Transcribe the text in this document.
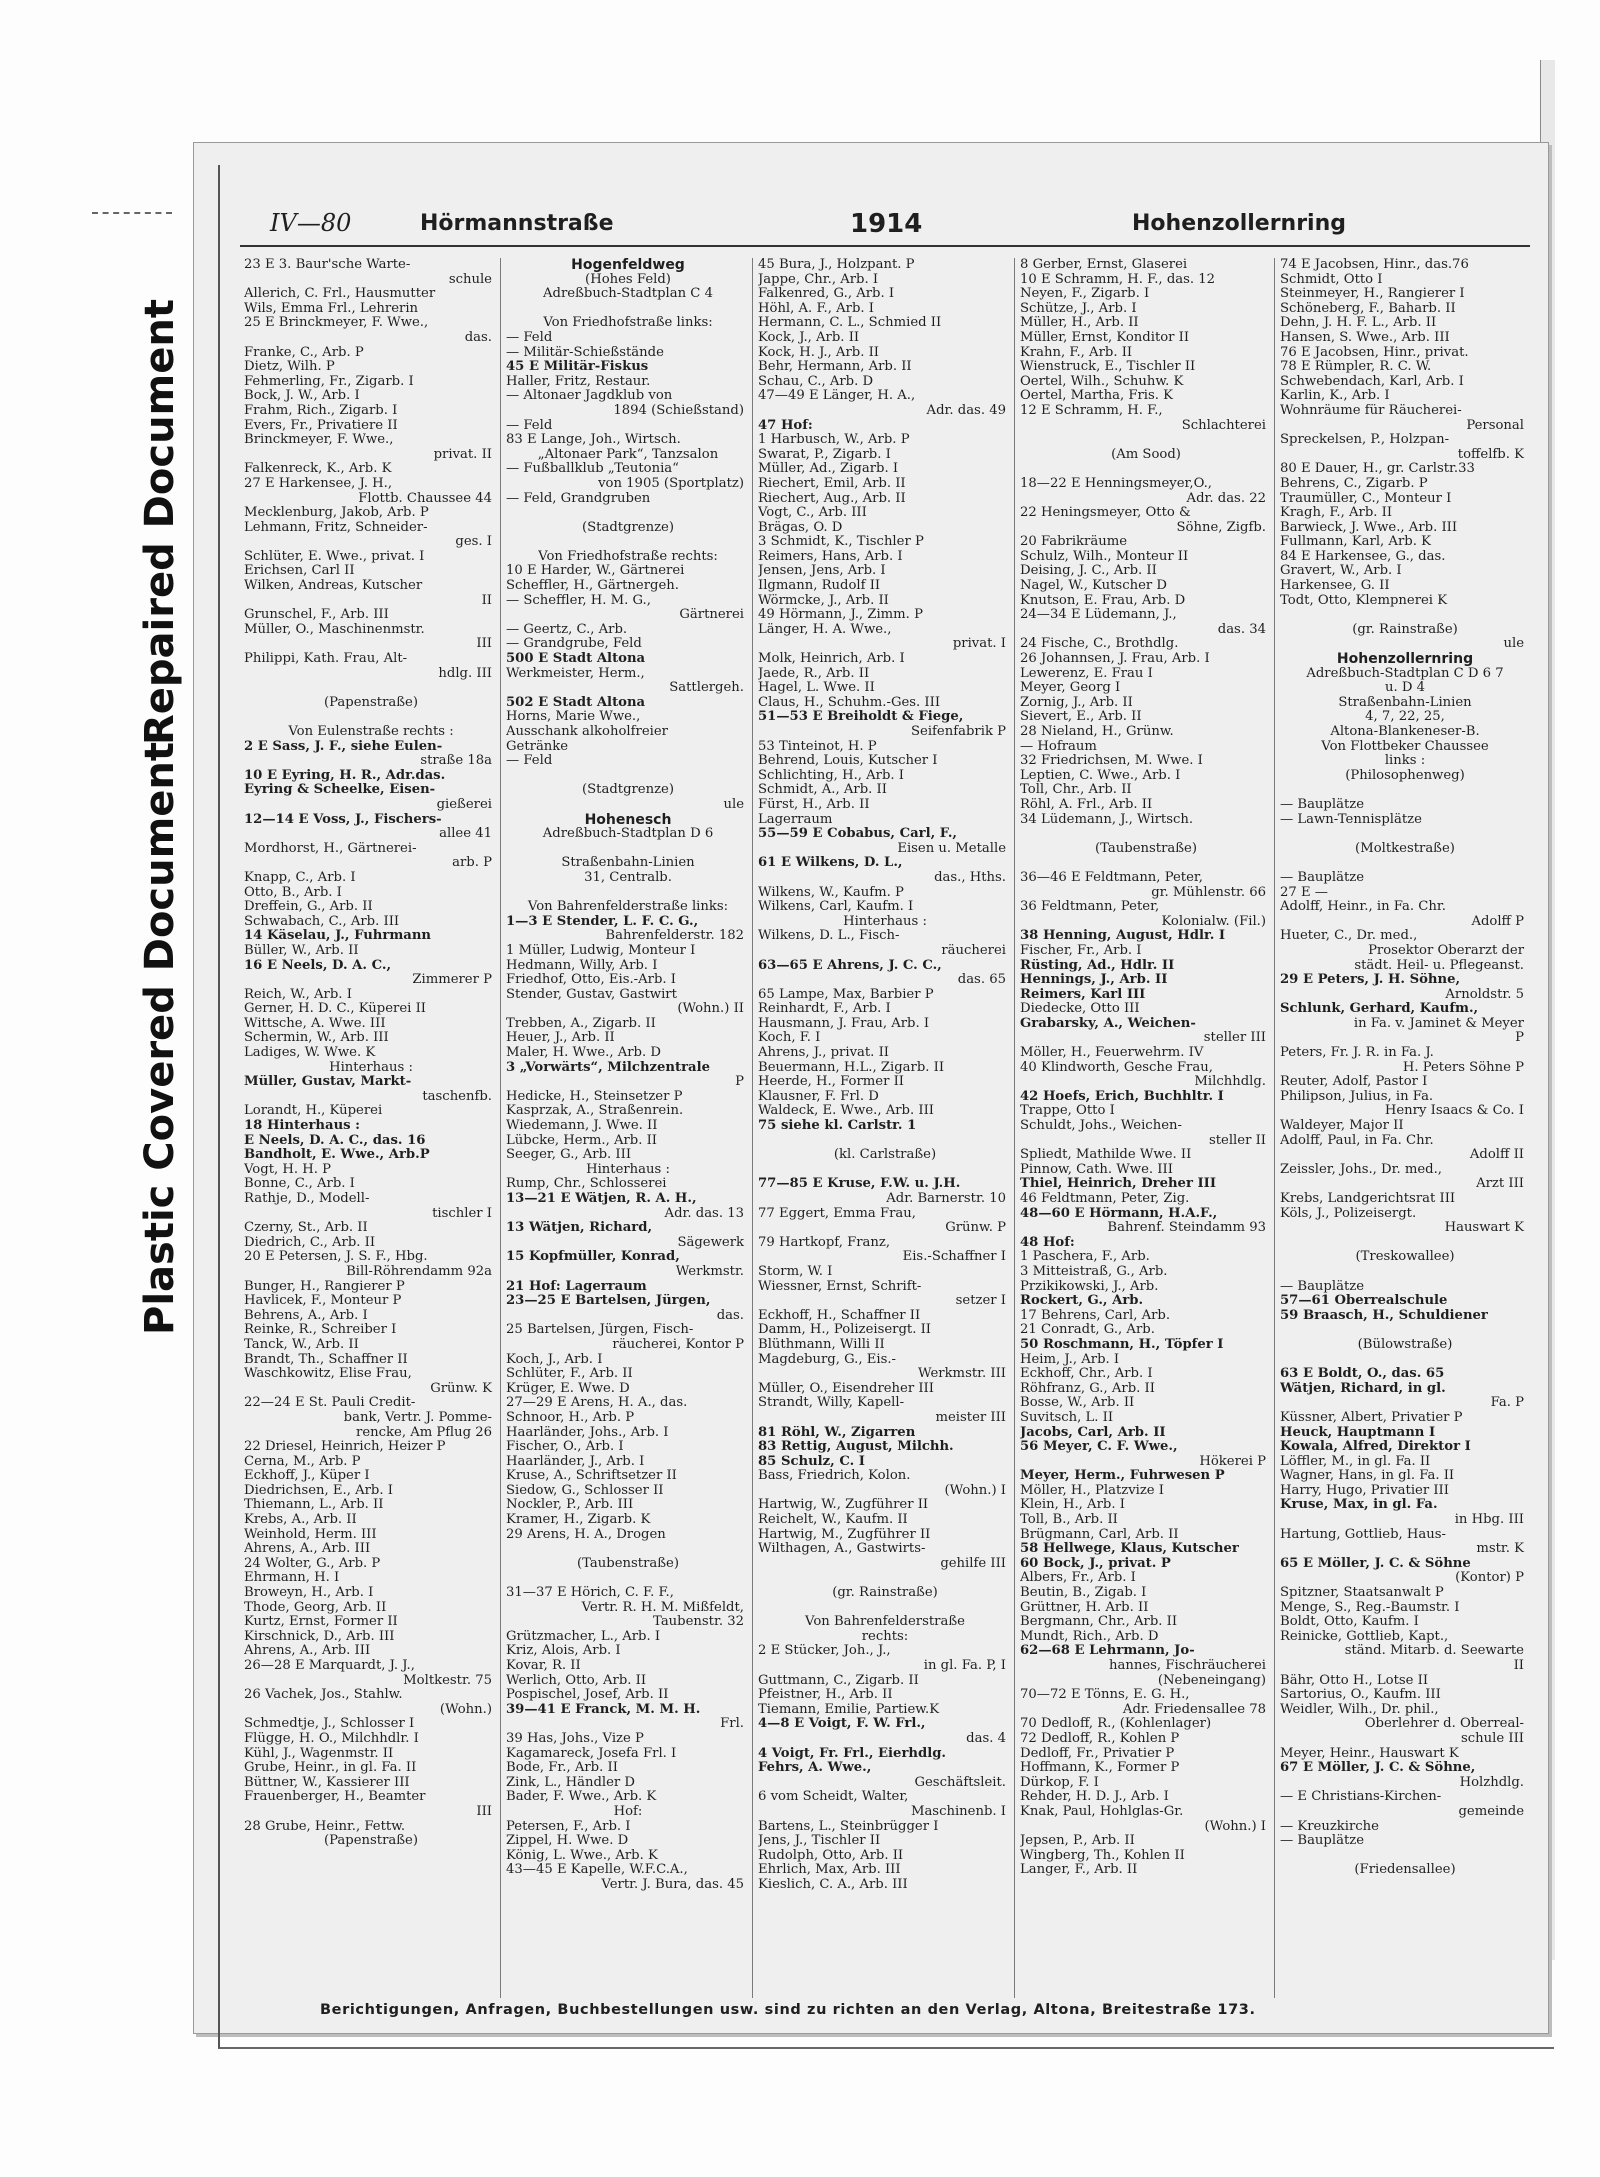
IV—80	Hörmannstraße	1914	Hohenzollernring
23 E 3. Baur'sche Warte-
schule
Allerich, C. Frl., Hausmutter
Wils, Emma Frl., Lehrerin
25 E Brinckmeyer, F. Wwe.,
das.
Franke, C., Arb. P
Dietz, Wilh. P
Fehmerling, Fr., Zigarb. I
Bock, J. W., Arb. I
Frahm, Rich., Zigarb. I
Evers, Fr., Privatiere II
Brinckmeyer, F. Wwe.,
privat. II
Falkenreck, K., Arb. K
27 E Harkensee, J. H.,
Flottb. Chaussee 44
Mecklenburg, Jakob, Arb. P
Lehmann, Fritz, Schneider-
ges. I
Schlüter, E. Wwe., privat. I
Erichsen, Carl II
Wilken, Andreas, Kutscher
II
Grunschel, F., Arb. III
Müller, O., Maschinenmstr.
III
Philippi, Kath. Frau, Alt-
hdlg. III

(Papenstraße)

Von Eulenstraße rechts :
2 E Sass, J. F., siehe Eulen-
straße 18a
10 E Eyring, H. R., Adr.das.
Eyring & Scheelke, Eisen-
gießerei
12—14 E Voss, J., Fischers-
allee 41
Mordhorst, H., Gärtnerei-
arb. P
Knapp, C., Arb. I
Otto, B., Arb. I
Dreffein, G., Arb. II
Schwabach, C., Arb. III
14 Käselau, J., Fuhrmann
Büller, W., Arb. II
16 E Neels, D. A. C.,
Zimmerer P
Reich, W., Arb. I
Gerner, H. D. C., Küperei II
Wittsche, A. Wwe. III
Schermin, W., Arb. III
Ladiges, W. Wwe. K
Hinterhaus :
Müller, Gustav, Markt-
taschenfb.
Lorandt, H., Küperei
18 Hinterhaus :
E Neels, D. A. C., das. 16
Bandholt, E. Wwe., Arb.P
Vogt, H. H. P
Bonne, C., Arb. I
Rathje, D., Modell-
tischler I
Czerny, St., Arb. II
Diedrich, C., Arb. II
20 E Petersen, J. S. F., Hbg.
Bill-Röhrendamm 92a
Bunger, H., Rangierer P
Havlicek, F., Monteur P
Behrens, A., Arb. I
Reinke, R., Schreiber I
Tanck, W., Arb. II
Brandt, Th., Schaffner II
Waschkowitz, Elise Frau,
Grünw. K
22—24 E St. Pauli Credit-
bank, Vertr. J. Pomme-
rencke, Am Pflug 26
22 Driesel, Heinrich, Heizer P
Cerna, M., Arb. P
Eckhoff, J., Küper I
Diedrichsen, E., Arb. I
Thiemann, L., Arb. II
Krebs, A., Arb. II
Weinhold, Herm. III
Ahrens, A., Arb. III
24 Wolter, G., Arb. P
Ehrmann, H. I
Broweyn, H., Arb. I
Thode, Georg, Arb. II
Kurtz, Ernst, Former II
Kirschnick, D., Arb. III
Ahrens, A., Arb. III
26—28 E Marquardt, J. J.,
Moltkestr. 75
26 Vachek, Jos., Stahlw.
(Wohn.)
Schmedtje, J., Schlosser I
Flügge, H. O., Milchhdlr. I
Kühl, J., Wagenmstr. II
Grube, Heinr., in gl. Fa. II
Büttner, W., Kassierer III
Frauenberger, H., Beamter
III
28 Grube, Heinr., Fettw.
(Papenstraße)
Hogenfeldweg
(Hohes Feld)
Adreßbuch-Stadtplan C 4

Von Friedhofstraße links:
— Feld
— Militär-Schießstände
45 E Militär-Fiskus
Haller, Fritz, Restaur.
— Altonaer Jagdklub von
1894 (Schießstand)
— Feld
83 E Lange, Joh., Wirtsch.
„Altonaer Park“, Tanzsalon
— Fußballklub „Teutonia“
von 1905 (Sportplatz)
— Feld, Grandgruben

(Stadtgrenze)

Von Friedhofstraße rechts:
10 E Harder, W., Gärtnerei
Scheffler, H., Gärtnergeh.
— Scheffler, H. M. G.,
Gärtnerei
— Geertz, C., Arb.
— Grandgrube, Feld
500 E Stadt Altona
Werkmeister, Herm.,
Sattlergeh.
502 E Stadt Altona
Horns, Marie Wwe.,
Ausschank alkoholfreier
Getränke
— Feld

(Stadtgrenze)
ule
Hohenesch
Adreßbuch-Stadtplan D 6

Straßenbahn-Linien
31, Centralb.

Von Bahrenfelderstraße links:
1—3 E Stender, L. F. C. G.,
Bahrenfelderstr. 182
1 Müller, Ludwig, Monteur I
Hedmann, Willy, Arb. I
Friedhof, Otto, Eis.-Arb. I
Stender, Gustav, Gastwirt
(Wohn.) II
Trebben, A., Zigarb. II
Heuer, J., Arb. II
Maler, H. Wwe., Arb. D
3 „Vorwärts“, Milchzentrale
P
Hedicke, H., Steinsetzer P
Kasprzak, A., Straßenrein.
Wiedemann, J. Wwe. II
Lübcke, Herm., Arb. II
Seeger, G., Arb. III
Hinterhaus :
Rump, Chr., Schlosserei
13—21 E Wätjen, R. A. H.,
Adr. das. 13
13 Wätjen, Richard,
Sägewerk
15 Kopfmüller, Konrad,
Werkmstr.
21 Hof: Lagerraum
23—25 E Bartelsen, Jürgen,
das.
25 Bartelsen, Jürgen, Fisch-
räucherei, Kontor P
Koch, J., Arb. I
Schlüter, F., Arb. II
Krüger, E. Wwe. D
27—29 E Arens, H. A., das.
Schnoor, H., Arb. P
Haarländer, Johs., Arb. I
Fischer, O., Arb. I
Haarländer, J., Arb. I
Kruse, A., Schriftsetzer II
Siedow, G., Schlosser II
Nockler, P., Arb. III
Kramer, H., Zigarb. K
29 Arens, H. A., Drogen

(Taubenstraße)

31—37 E Hörich, C. F. F.,
Vertr. R. H. M. Mißfeldt,
Taubenstr. 32
Grützmacher, L., Arb. I
Kriz, Alois, Arb. I
Kovar, R. II
Werlich, Otto, Arb. II
Pospischel, Josef, Arb. II
39—41 E Franck, M. M. H.
Frl.
39 Has, Johs., Vize P
Kagamareck, Josefa Frl. I
Bode, Fr., Arb. II
Zink, L., Händler D
Bader, F. Wwe., Arb. K
Hof:
Petersen, F., Arb. I
Zippel, H. Wwe. D
König, L. Wwe., Arb. K
43—45 E Kapelle, W.F.C.A.,
Vertr. J. Bura, das. 45
45 Bura, J., Holzpant. P
Jappe, Chr., Arb. I
Falkenred, G., Arb. I
Höhl, A. F., Arb. I
Hermann, C. L., Schmied II
Kock, J., Arb. II
Kock, H. J., Arb. II
Behr, Hermann, Arb. II
Schau, C., Arb. D
47—49 E Länger, H. A.,
Adr. das. 49
47 Hof:
1 Harbusch, W., Arb. P
Swarat, P., Zigarb. I
Müller, Ad., Zigarb. I
Riechert, Emil, Arb. II
Riechert, Aug., Arb. II
Vogt, C., Arb. III
Brägas, O. D
3 Schmidt, K., Tischler P
Reimers, Hans, Arb. I
Jensen, Jens, Arb. I
Ilgmann, Rudolf II
Wörmcke, J., Arb. II
49 Hörmann, J., Zimm. P
Länger, H. A. Wwe.,
privat. I
Molk, Heinrich, Arb. I
Jaede, R., Arb. II
Hagel, L. Wwe. II
Claus, H., Schuhm.-Ges. III
51—53 E Breiholdt & Fiege,
Seifenfabrik P
53 Tinteinot, H. P
Behrend, Louis, Kutscher I
Schlichting, H., Arb. I
Schmidt, A., Arb. II
Fürst, H., Arb. II
Lagerraum
55—59 E Cobabus, Carl, F.,
Eisen u. Metalle
61 E Wilkens, D. L.,
das., Hths.
Wilkens, W., Kaufm. P
Wilkens, Carl, Kaufm. I
Hinterhaus :
Wilkens, D. L., Fisch-
räucherei
63—65 E Ahrens, J. C. C.,
das. 65
65 Lampe, Max, Barbier P
Reinhardt, F., Arb. I
Hausmann, J. Frau, Arb. I
Koch, F. I
Ahrens, J., privat. II
Beuermann, H.L., Zigarb. II
Heerde, H., Former II
Klausner, F. Frl. D
Waldeck, E. Wwe., Arb. III
75 siehe kl. Carlstr. 1

(kl. Carlstraße)

77—85 E Kruse, F.W. u. J.H.
Adr. Barnerstr. 10
77 Eggert, Emma Frau,
Grünw. P
79 Hartkopf, Franz,
Eis.-Schaffner I
Storm, W. I
Wiessner, Ernst, Schrift-
setzer I
Eckhoff, H., Schaffner II
Damm, H., Polizeisergt. II
Blüthmann, Willi II
Magdeburg, G., Eis.-
Werkmstr. III
Müller, O., Eisendreher III
Strandt, Willy, Kapell-
meister III
81 Röhl, W., Zigarren
83 Rettig, August, Milchh.
85 Schulz, C. I
Bass, Friedrich, Kolon.
(Wohn.) I
Hartwig, W., Zugführer II
Reichelt, W., Kaufm. II
Hartwig, M., Zugführer II
Wilthagen, A., Gastwirts-
gehilfe III

(gr. Rainstraße)

Von Bahrenfelderstraße
rechts:
2 E Stücker, Joh., J.,
in gl. Fa. P, I
Guttmann, C., Zigarb. II
Pfeistner, H., Arb. II
Tiemann, Emilie, Partiew.K
4—8 E Voigt, F. W. Frl.,
das. 4
4 Voigt, Fr. Frl., Eierhdlg.
Fehrs, A. Wwe.,
Geschäftsleit.
6 vom Scheidt, Walter,
Maschinenb. I
Bartens, L., Steinbrügger I
Jens, J., Tischler II
Rudolph, Otto, Arb. II
Ehrlich, Max, Arb. III
Kieslich, C. A., Arb. III
8 Gerber, Ernst, Glaserei
10 E Schramm, H. F., das. 12
Neyen, F., Zigarb. I
Schütze, J., Arb. I
Müller, H., Arb. II
Müller, Ernst, Konditor II
Krahn, F., Arb. II
Wienstruck, E., Tischler II
Oertel, Wilh., Schuhw. K
Oertel, Martha, Fris. K
12 E Schramm, H. F.,
Schlachterei

(Am Sood)

18—22 E Henningsmeyer,O.,
Adr. das. 22
22 Heningsmeyer, Otto &
Söhne, Zigfb.
20 Fabrikräume
Schulz, Wilh., Monteur II
Deising, J. C., Arb. II
Nagel, W., Kutscher D
Knutson, E. Frau, Arb. D
24—34 E Lüdemann, J.,
das. 34
24 Fische, C., Brothdlg.
26 Johannsen, J. Frau, Arb. I
Lewerenz, E. Frau I
Meyer, Georg I
Zornig, J., Arb. II
Sievert, E., Arb. II
28 Nieland, H., Grünw.
— Hofraum
32 Friedrichsen, M. Wwe. I
Leptien, C. Wwe., Arb. I
Toll, Chr., Arb. II
Röhl, A. Frl., Arb. II
34 Lüdemann, J., Wirtsch.

(Taubenstraße)

36—46 E Feldtmann, Peter,
gr. Mühlenstr. 66
36 Feldtmann, Peter,
Kolonialw. (Fil.)
38 Henning, August, Hdlr. I
Fischer, Fr., Arb. I
Rüsting, Ad., Hdlr. II
Hennings, J., Arb. II
Reimers, Karl III
Diedecke, Otto III
Grabarsky, A., Weichen-
steller III
Möller, H., Feuerwehrm. IV
40 Klindworth, Gesche Frau,
Milchhdlg.
42 Hoefs, Erich, Buchhltr. I
Trappe, Otto I
Schuldt, Johs., Weichen-
steller II
Spliedt, Mathilde Wwe. II
Pinnow, Cath. Wwe. III
Thiel, Heinrich, Dreher III
46 Feldtmann, Peter, Zig.
48—60 E Hörmann, H.A.F.,
Bahrenf. Steindamm 93
48 Hof:
1 Paschera, F., Arb.
3 Mitteistraß, G., Arb.
Przikikowski, J., Arb.
Rockert, G., Arb.
17 Behrens, Carl, Arb.
21 Conradt, G., Arb.
50 Roschmann, H., Töpfer I
Heim, J., Arb. I
Eckhoff, Chr., Arb. I
Röhfranz, G., Arb. II
Bosse, W., Arb. II
Suvitsch, L. II
Jacobs, Carl, Arb. II
56 Meyer, C. F. Wwe.,
Hökerei P
Meyer, Herm., Fuhrwesen P
Möller, H., Platzvize I
Klein, H., Arb. I
Toll, B., Arb. II
Brügmann, Carl, Arb. II
58 Hellwege, Klaus, Kutscher
60 Bock, J., privat. P
Albers, Fr., Arb. I
Beutin, B., Zigab. I
Grüttner, H. Arb. II
Bergmann, Chr., Arb. II
Mundt, Rich., Arb. D
62—68 E Lehrmann, Jo-
hannes, Fischräucherei
(Nebeneingang)
70—72 E Tönns, E. G. H.,
Adr. Friedensallee 78
70 Dedloff, R., (Kohlenlager)
72 Dedloff, R., Kohlen P
Dedloff, Fr., Privatier P
Hoffmann, K., Former P
Dürkop, F. I
Rehder, H. D. J., Arb. I
Knak, Paul, Hohlglas-Gr.
(Wohn.) I
Jepsen, P., Arb. II
Wingberg, Th., Kohlen II
Langer, F., Arb. II
74 E Jacobsen, Hinr., das.76
Schmidt, Otto I
Steinmeyer, H., Rangierer I
Schöneberg, F., Baharb. II
Dehn, J. H. F. L., Arb. II
Hansen, S. Wwe., Arb. III
76 E Jacobsen, Hinr., privat.
78 E Rümpler, R. C. W.
Schwebendach, Karl, Arb. I
Karlin, K., Arb. I
Wohnräume für Räucherei-
Personal
Spreckelsen, P., Holzpan-
toffelfb. K
80 E Dauer, H., gr. Carlstr.33
Behrens, C., Zigarb. P
Traumüller, C., Monteur I
Kragh, F., Arb. II
Barwieck, J. Wwe., Arb. III
Fullmann, Karl, Arb. K
84 E Harkensee, G., das.
Gravert, W., Arb. I
Harkensee, G. II
Todt, Otto, Klempnerei K

(gr. Rainstraße)
ule
Hohenzollernring
Adreßbuch-Stadtplan C D 6 7
u. D 4
Straßenbahn-Linien
4, 7, 22, 25,
Altona-Blankeneser-B.
Von Flottbeker Chaussee
links :
(Philosophenweg)

— Bauplätze
— Lawn-Tennisplätze

(Moltkestraße)

— Bauplätze
27 E —
Adolff, Heinr., in Fa. Chr.
Adolff P
Hueter, C., Dr. med.,
Prosektor Oberarzt der
städt. Heil- u. Pflegeanst.
29 E Peters, J. H. Söhne,
Arnoldstr. 5
Schlunk, Gerhard, Kaufm.,
in Fa. v. Jaminet & Meyer
P
Peters, Fr. J. R. in Fa. J.
H. Peters Söhne P
Reuter, Adolf, Pastor I
Philipson, Julius, in Fa.
Henry Isaacs & Co. I
Waldeyer, Major II
Adolff, Paul, in Fa. Chr.
Adolff II
Zeissler, Johs., Dr. med.,
Arzt III
Krebs, Landgerichtsrat III
Köls, J., Polizeisergt.
Hauswart K

(Treskowallee)

— Bauplätze
57—61 Oberrealschule
59 Braasch, H., Schuldiener

(Bülowstraße)

63 E Boldt, O., das. 65
Wätjen, Richard, in gl.
Fa. P
Küssner, Albert, Privatier P
Heuck, Hauptmann I
Kowala, Alfred, Direktor I
Löffler, M., in gl. Fa. II
Wagner, Hans, in gl. Fa. II
Harry, Hugo, Privatier III
Kruse, Max, in gl. Fa.
in Hbg. III
Hartung, Gottlieb, Haus-
mstr. K
65 E Möller, J. C. & Söhne
(Kontor) P
Spitzner, Staatsanwalt P
Menge, S., Reg.-Baumstr. I
Boldt, Otto, Kaufm. I
Reinicke, Gottlieb, Kapt.,
ständ. Mitarb. d. Seewarte
II
Bähr, Otto H., Lotse II
Sartorius, O., Kaufm. III
Weidler, Wilh., Dr. phil.,
Oberlehrer d. Oberreal-
schule III
Meyer, Heinr., Hauswart K
67 E Möller, J. C. & Söhne,
Holzhdlg.
— E Christians-Kirchen-
gemeinde
— Kreuzkirche
— Bauplätze

(Friedensallee)
Berichtigungen, Anfragen, Buchbestellungen usw. sind zu richten an den Verlag, Altona, Breitestraße 173.
